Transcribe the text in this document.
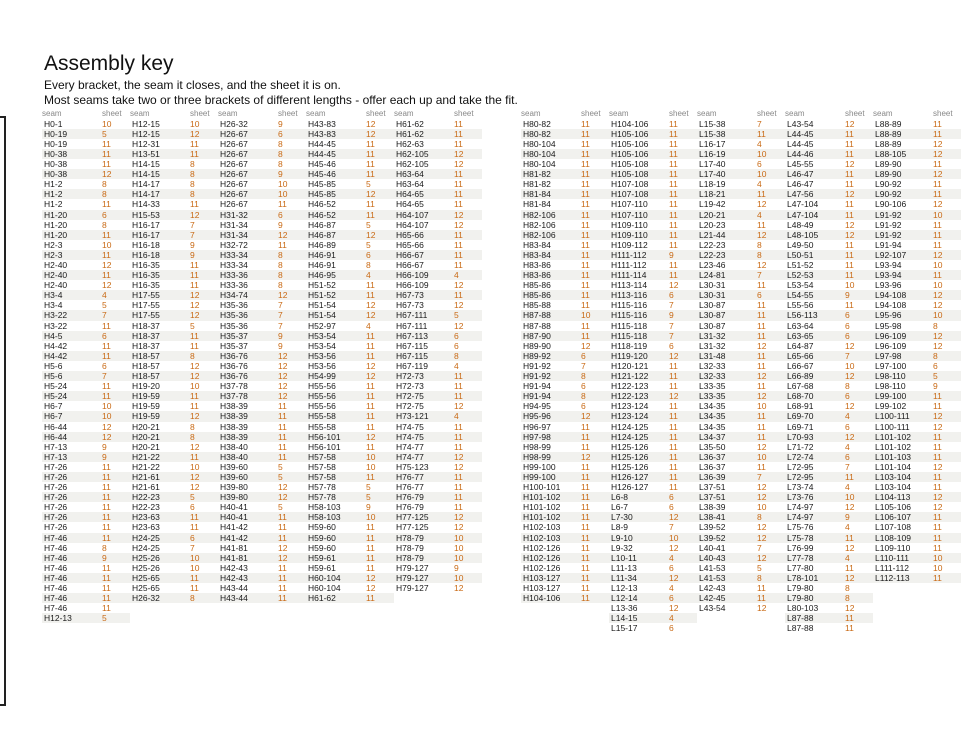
Assembly key

Every bracket, the seam it closes, and the sheet it is on.

Most seams take two or three brackets of different lengths - offer each up and take the fit.

seam	sheet
H0-1	10
H0-19	5
H0-19	11
H0-38	11
H0-38	11
H0-38	12
H1-2	8
H1-2	8
H1-2	11
H1-20	6
H1-20	8
H1-20	11
H2-3	10
H2-3	11
H2-40	12
H2-40	11
H2-40	12
H3-4	4
H3-4	5
H3-22	7
H3-22	11
H4-5	6
H4-42	11
H4-42	11
H5-6	6
H5-6	7
H5-24	11
H5-24	11
H6-7	10
H6-7	10
H6-44	12
H6-44	12
H7-13	9
H7-13	9
H7-26	11
H7-26	11
H7-26	11
H7-26	11
H7-26	11
H7-26	11
H7-26	11
H7-46	11
H7-46	8
H7-46	9
H7-46	11
H7-46	11
H7-46	11
H7-46	11
H7-46	11
H12-13	5
seam	sheet
H12-15	10
H12-15	12
H12-31	11
H13-51	11
H14-15	8
H14-15	8
H14-17	8
H14-17	8
H14-33	11
H15-53	12
H16-17	7
H16-17	7
H16-18	9
H16-18	9
H16-35	11
H16-35	11
H16-35	11
H17-55	12
H17-55	12
H17-55	12
H18-37	5
H18-37	11
H18-37	11
H18-57	8
H18-57	12
H18-57	12
H19-20	10
H19-59	11
H19-59	11
H19-59	12
H20-21	8
H20-21	8
H20-21	12
H21-22	11
H21-22	10
H21-61	12
H21-61	12
H22-23	5
H22-23	6
H23-63	11
H23-63	11
H24-25	6
H24-25	7
H25-26	10
H25-26	10
H25-65	11
H25-65	11
H26-32	8
seam	sheet
H26-32	9
H26-67	6
H26-67	8
H26-67	8
H26-67	8
H26-67	9
H26-67	10
H26-67	10
H26-67	11
H31-32	6
H31-34	9
H31-34	12
H32-72	11
H33-34	8
H33-34	8
H33-36	8
H33-36	8
H34-74	12
H35-36	7
H35-36	7
H35-36	7
H35-37	9
H35-37	9
H36-76	12
H36-76	12
H36-76	12
H37-78	12
H37-78	12
H38-39	11
H38-39	11
H38-39	11
H38-39	11
H38-40	11
H38-40	11
H39-60	5
H39-60	5
H39-80	12
H39-80	12
H40-41	5
H40-41	11
H41-42	11
H41-42	11
H41-81	12
H41-81	12
H42-43	11
H42-43	11
H43-44	11
H43-44	11
seam	sheet
H43-83	12
H43-83	12
H44-45	11
H44-45	11
H45-46	11
H45-46	11
H45-85	5
H45-85	12
H46-52	11
H46-52	11
H46-87	5
H46-87	12
H46-89	5
H46-91	6
H46-91	8
H46-95	4
H51-52	11
H51-52	11
H51-54	12
H51-54	12
H52-97	4
H53-54	11
H53-54	11
H53-56	11
H53-56	12
H54-99	12
H55-56	11
H55-56	11
H55-56	11
H55-58	11
H55-58	11
H56-101	12
H56-101	11
H57-58	10
H57-58	10
H57-58	11
H57-78	5
H57-78	5
H58-103	9
H58-103	10
H59-60	11
H59-60	11
H59-60	11
H59-61	11
H59-61	11
H60-104	12
H60-104	12
H61-62	11
seam	sheet
H61-62	11
H61-62	11
H62-63	11
H62-105	12
H62-105	12
H63-64	11
H63-64	11
H64-65	11
H64-65	11
H64-107	12
H64-107	12
H65-66	11
H65-66	11
H66-67	11
H66-67	11
H66-109	4
H66-109	12
H67-73	11
H67-73	12
H67-111	5
H67-111	12
H67-113	6
H67-115	6
H67-115	8
H67-119	4
H72-73	11
H72-73	11
H72-75	11
H72-75	12
H73-121	4
H74-75	11
H74-75	11
H74-77	11
H74-77	12
H75-123	12
H76-77	11
H76-77	11
H76-79	11
H76-79	11
H77-125	12
H77-125	12
H78-79	10
H78-79	10
H78-79	10
H79-127	9
H79-127	10
H79-127	12
seam	sheet
H80-82	11
H80-82	11
H80-104	11
H80-104	11
H80-104	11
H81-82	11
H81-82	11
H81-84	11
H81-84	11
H82-106	11
H82-106	11
H82-106	11
H83-84	11
H83-84	11
H83-86	11
H83-86	11
H85-86	11
H85-86	11
H85-88	11
H87-88	10
H87-88	11
H87-90	11
H89-90	12
H89-92	6
H91-92	7
H91-92	8
H91-94	6
H91-94	8
H94-95	6
H95-96	12
H96-97	11
H97-98	11
H98-99	11
H98-99	12
H99-100	11
H99-100	11
H100-101	11
H101-102	11
H101-102	11
H101-102	11
H102-103	11
H102-103	11
H102-126	11
H102-126	11
H102-126	11
H103-127	11
H103-127	11
H104-106	11
seam	sheet
H104-106	11
H105-106	11
H105-106	11
H105-106	11
H105-108	11
H105-108	11
H107-108	11
H107-108	11
H107-110	11
H107-110	11
H109-110	11
H109-110	11
H109-112	11
H111-112	9
H111-112	11
H111-114	11
H113-114	12
H113-116	6
H115-116	7
H115-116	9
H115-118	7
H115-118	7
H118-119	6
H119-120	12
H120-121	11
H121-122	11
H122-123	11
H122-123	12
H123-124	11
H123-124	11
H124-125	11
H124-125	11
H125-126	11
H125-126	11
H125-126	11
H126-127	11
H126-127	11
L6-8	6
L6-7	6
L7-30	12
L8-9	7
L9-10	10
L9-32	12
L10-11	4
L11-13	6
L11-34	12
L12-13	4
L12-14	6
L13-36	12
L14-15	4
L15-17	6
seam	sheet
L15-38	7
L15-38	11
L16-17	4
L16-19	10
L17-40	6
L17-40	10
L18-19	4
L18-21	11
L19-42	12
L20-21	4
L20-23	11
L21-44	12
L22-23	8
L22-23	8
L23-46	12
L24-81	7
L30-31	11
L30-31	6
L30-87	11
L30-87	11
L30-87	11
L31-32	11
L31-32	12
L31-48	11
L32-33	11
L32-33	12
L33-35	11
L33-35	12
L34-35	10
L34-35	11
L34-35	11
L34-37	11
L35-50	12
L36-37	10
L36-37	11
L36-39	7
L37-51	12
L37-51	12
L38-39	10
L38-41	8
L39-52	12
L39-52	12
L40-41	7
L40-43	12
L41-53	5
L41-53	8
L42-43	11
L42-45	11
L43-54	12
seam	sheet
L43-54	12
L44-45	11
L44-45	11
L44-46	11
L45-55	12
L46-47	11
L46-47	11
L47-56	12
L47-104	11
L47-104	11
L48-49	12
L48-105	12
L49-50	11
L50-51	11
L51-52	11
L52-53	11
L53-54	10
L54-55	9
L55-56	11
L56-113	6
L63-64	6
L63-65	6
L64-87	12
L65-66	7
L66-67	10
L66-89	12
L67-68	8
L68-70	6
L68-91	12
L69-70	4
L69-71	6
L70-93	12
L71-72	4
L72-74	6
L72-95	7
L72-95	11
L73-74	4
L73-76	10
L74-97	12
L74-97	9
L75-76	4
L75-78	11
L76-99	12
L77-78	4
L77-80	11
L78-101	12
L79-80	8
L79-80	8
L80-103	12
L87-88	11
L87-88	11
seam	sheet
L88-89	11
L88-89	11
L88-89	12
L88-105	12
L89-90	11
L89-90	12
L90-92	11
L90-92	11
L90-106	12
L91-92	10
L91-92	11
L91-92	11
L91-94	11
L92-107	12
L93-94	10
L93-94	11
L93-96	10
L94-108	12
L94-108	12
L95-96	10
L95-98	8
L96-109	12
L96-109	12
L97-98	8
L97-100	6
L98-110	5
L98-110	9
L99-100	11
L99-102	11
L100-111	12
L100-111	12
L101-102	11
L101-102	11
L101-103	11
L101-104	12
L103-104	11
L103-104	11
L104-113	12
L105-106	12
L106-107	11
L107-108	11
L108-109	11
L109-110	11
L110-111	10
L111-112	10
L112-113	11
